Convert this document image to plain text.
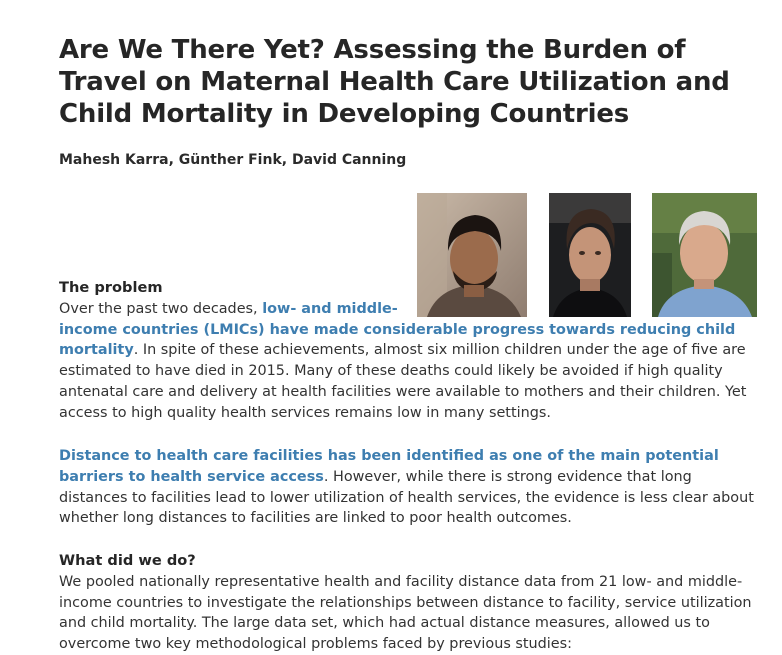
Are We There Yet? Assessing the Burden of Travel on Maternal Health Care Utilization and Child Mortality in Developing Countries

Mahesh Karra, Günther Fink, David Canning

The problem
Over the past two decades, low- and middle-
income countries (LMICs) have made considerable progress towards reducing child mortality. In spite of these achievements, almost six million children under the age of five are estimated to have died in 2015. Many of these deaths could likely be avoided if high quality antenatal care and delivery at health facilities were available to mothers and their children. Yet access to high quality health services remains low in many settings.

Distance to health care facilities has been identified as one of the main potential barriers to health service access. However, while there is strong evidence that long distances to facilities lead to lower utilization of health services, the evidence is less clear about whether long distances to facilities are linked to poor health outcomes.

What did we do?
We pooled nationally representative health and facility distance data from 21 low- and middle-income countries to investigate the relationships between distance to facility, service utilization and child mortality. The large data set, which had actual distance measures, allowed us to overcome two key methodological problems faced by previous studies:
